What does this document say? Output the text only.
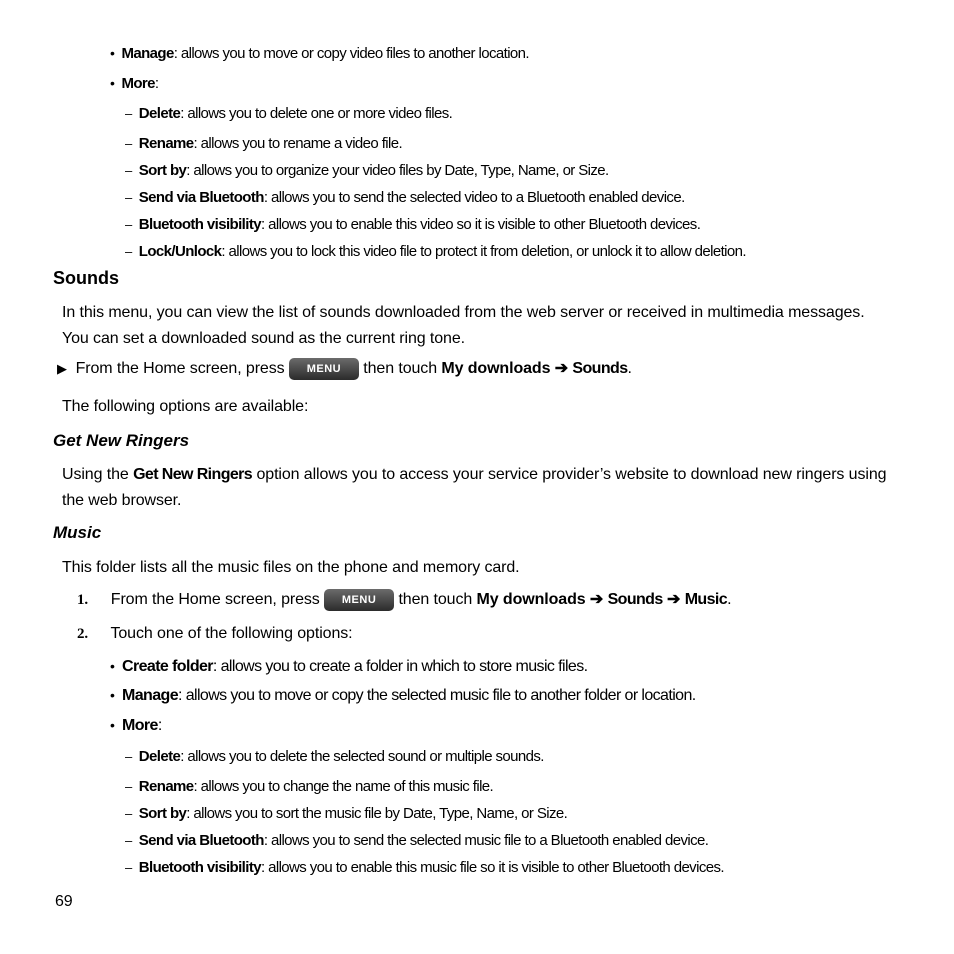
• Manage: allows you to move or copy video files to another location.
• More:
– Delete: allows you to delete one or more video files.
– Rename: allows you to rename a video file.
– Sort by: allows you to organize your video files by Date, Type, Name, or Size.
– Send via Bluetooth: allows you to send the selected video to a Bluetooth enabled device.
– Bluetooth visibility: allows you to enable this video so it is visible to other Bluetooth devices.
– Lock/Unlock: allows you to lock this video file to protect it from deletion, or unlock it to allow deletion.
Sounds
In this menu, you can view the list of sounds downloaded from the web server or received in multimedia messages.
You can set a downloaded sound as the current ring tone.
▶ From the Home screen, press MENU then touch My downloads ➔ Sounds.
The following options are available:
Get New Ringers
Using the Get New Ringers option allows you to access your service provider’s website to download new ringers using
the web browser.
Music
This folder lists all the music files on the phone and memory card.
1. From the Home screen, press MENU then touch My downloads ➔ Sounds ➔ Music.
2. Touch one of the following options:
• Create folder: allows you to create a folder in which to store music files.
• Manage: allows you to move or copy the selected music file to another folder or location.
• More:
– Delete: allows you to delete the selected sound or multiple sounds.
– Rename: allows you to change the name of this music file.
– Sort by: allows you to sort the music file by Date, Type, Name, or Size.
– Send via Bluetooth: allows you to send the selected music file to a Bluetooth enabled device.
– Bluetooth visibility: allows you to enable this music file so it is visible to other Bluetooth devices.
69
